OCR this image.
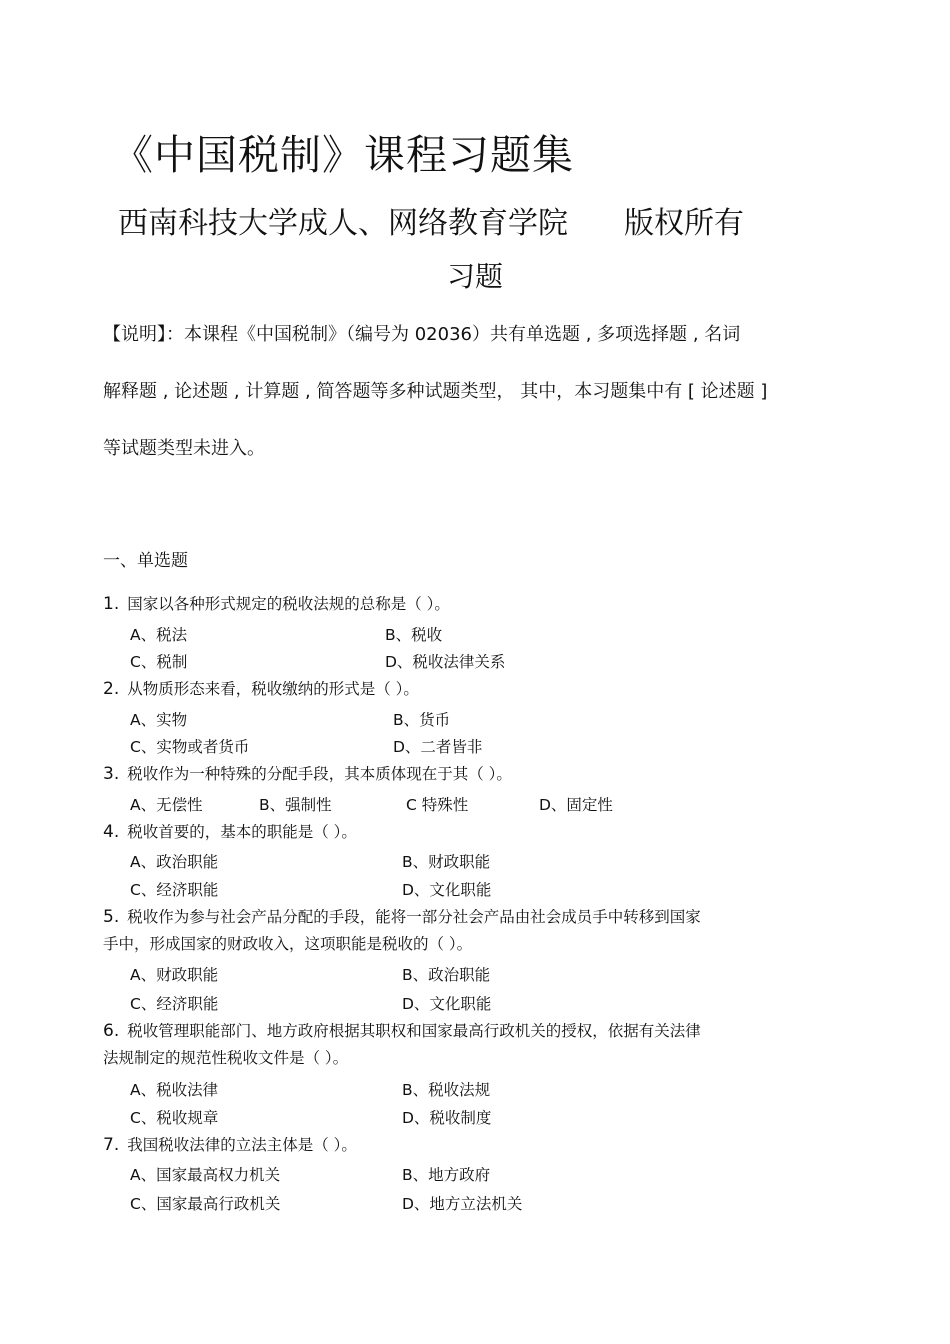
《中国税制》课程习题集
西南科技大学成人、网络教育学院 版权所有
习题
【说明】：本课程《中国税制》（编号为 02036）共有单选题 , 多项选择题 , 名词
解释题 , 论述题 , 计算题 , 简答题等多种试题类型， 其中，本习题集中有 [ 论述题 ]
等试题类型未进入。
一、单选题
1. 国家以各种形式规定的税收法规的总称是（ ）。
A、税法	B、税收
C、税制	D、税收法律关系
2. 从物质形态来看，税收缴纳的形式是（ ）。
A、实物	B、货币
C、实物或者货币	D、二者皆非
3. 税收作为一种特殊的分配手段，其本质体现在于其（ ）。
A、无偿性	B、强制性	C 特殊性	D、固定性
4. 税收首要的，基本的职能是（ ）。
A、政治职能	B、财政职能
C、经济职能	D、文化职能
5. 税收作为参与社会产品分配的手段，能将一部分社会产品由社会成员手中转移到国家
手中，形成国家的财政收入，这项职能是税收的（ ）。
A、财政职能	B、政治职能
C、经济职能	D、文化职能
6. 税收管理职能部门、地方政府根据其职权和国家最高行政机关的授权，依据有关法律
法规制定的规范性税收文件是（ ）。
A、税收法律	B、税收法规
C、税收规章	D、税收制度
7. 我国税收法律的立法主体是（ ）。
A、国家最高权力机关	B、地方政府
C、国家最高行政机关	D、地方立法机关
